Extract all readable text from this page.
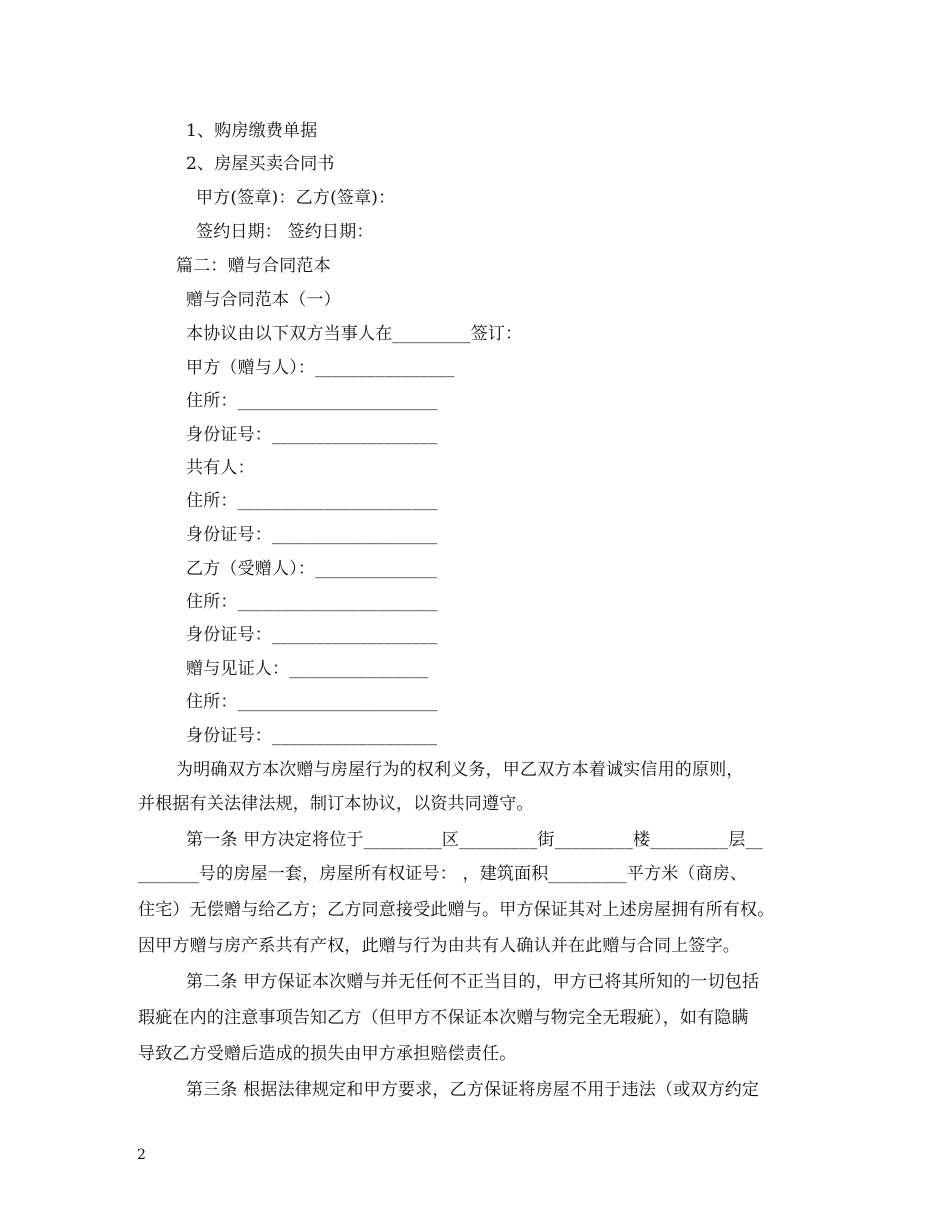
1、购房缴费单据
2、房屋买卖合同书
甲方(签章)：乙方(签章)：
签约日期： 签约日期：
篇二：赠与合同范本
赠与合同范本（一）
本协议由以下双方当事人在_________签订：
甲方（赠与人）：________________
住所：_______________________
身份证号：___________________
共有人：
住所：_______________________
身份证号：___________________
乙方（受赠人）：______________
住所：_______________________
身份证号：___________________
赠与见证人：________________
住所：_______________________
身份证号：___________________
为明确双方本次赠与房屋行为的权利义务，甲乙双方本着诚实信用的原则，
并根据有关法律法规，制订本协议，以资共同遵守。
第一条 甲方决定将位于_________区_________街_________楼_________层__
_______号的房屋一套，房屋所有权证号： ，建筑面积_________平方米（商房、
住宅）无偿赠与给乙方；乙方同意接受此赠与。甲方保证其对上述房屋拥有所有权。
因甲方赠与房产系共有产权，此赠与行为由共有人确认并在此赠与合同上签字。
第二条 甲方保证本次赠与并无任何不正当目的，甲方已将其所知的一切包括
瑕疵在内的注意事项告知乙方（但甲方不保证本次赠与物完全无瑕疵），如有隐瞒
导致乙方受赠后造成的损失由甲方承担赔偿责任。
第三条 根据法律规定和甲方要求，乙方保证将房屋不用于违法（或双方约定
2
